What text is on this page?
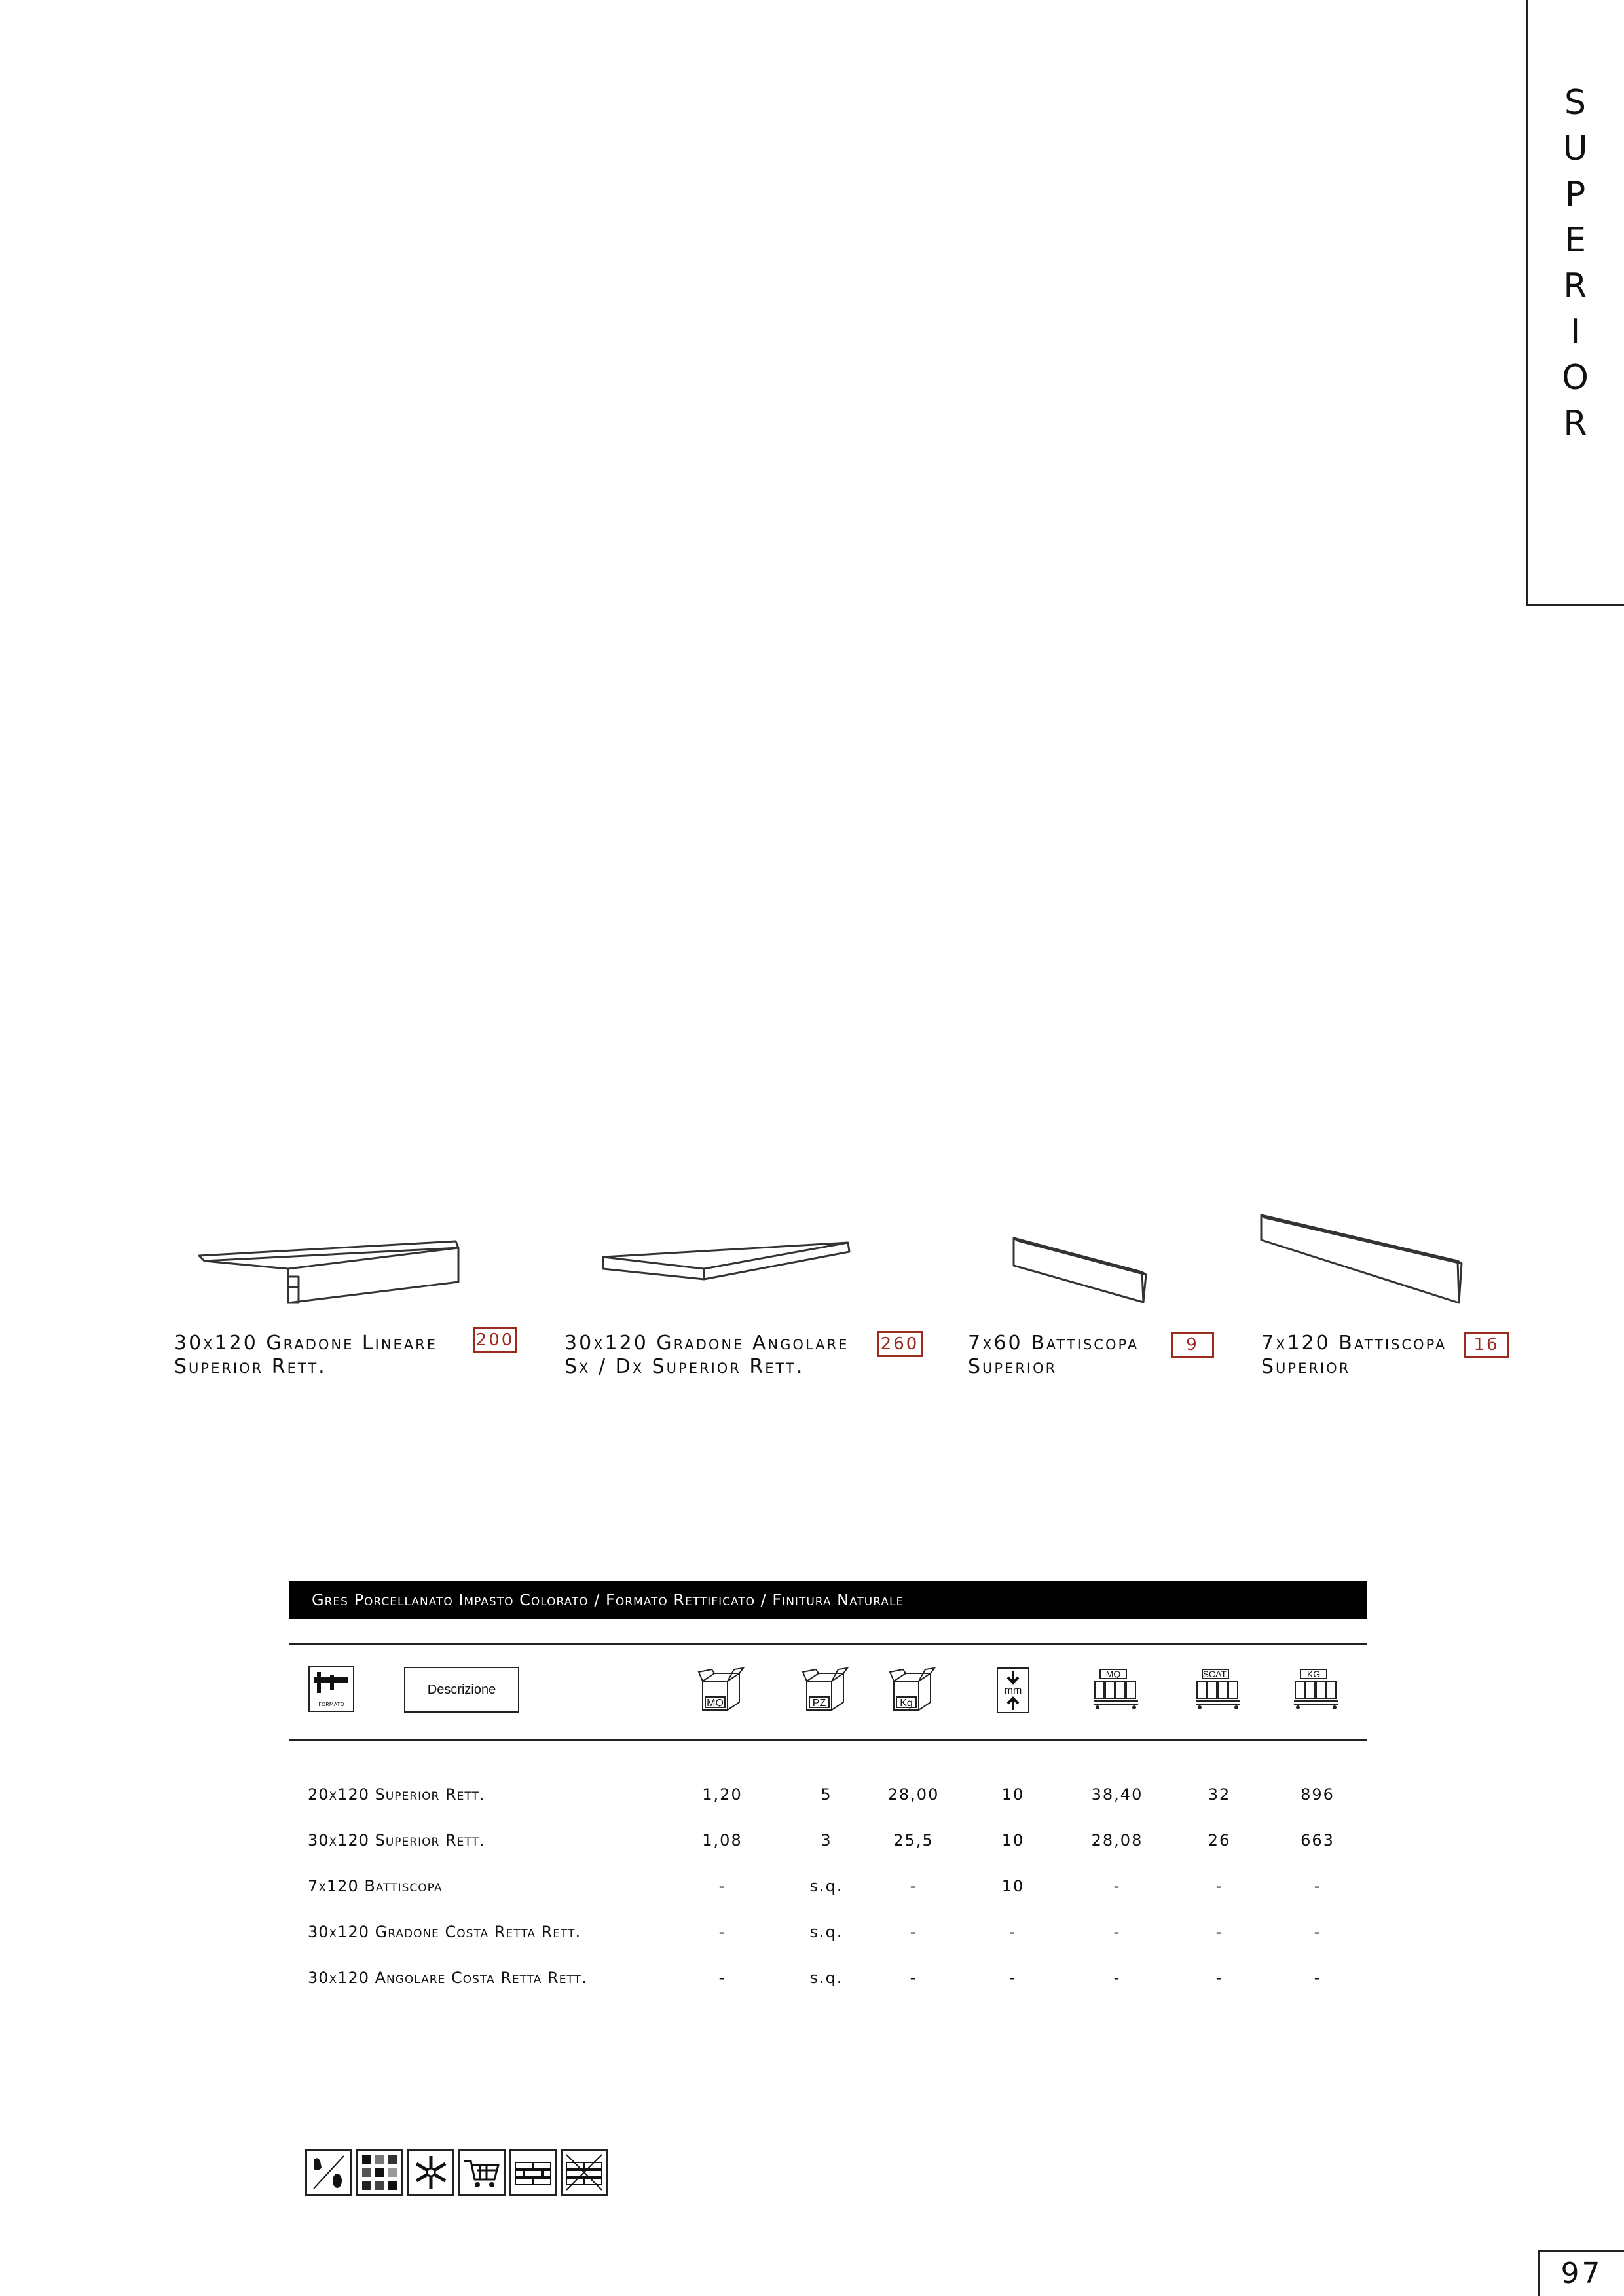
S
U
P
E
R
I
O
R
30x120 Gradone Lineare
Superior Rett.
200	30x120 Gradone Angolare
Sx / Dx Superior Rett.
260 7x60 Battiscopa
Superior
9	7x120 Battiscopa
Superior
16
Gres Porcellanato Impasto Colorato / Formato Rettificato / Finitura Naturale
FORMATO
Descrizione
MQ	PZ	Kg
mm
MQ	SCAT.	KG
20x120 Superior Rett.	1,20	5	28,00	10	38,40	32	896
30x120 Superior Rett.	1,08	3	25,5	10	28,08	26	663
7x120 Battiscopa	-	s.q.	-	10	-	-	-
30x120 Gradone Costa Retta Rett.	-	s.q.	-	-	-	-	-
30x120 Angolare Costa Retta Rett.	-	s.q.	-	-	-	-	-
97
